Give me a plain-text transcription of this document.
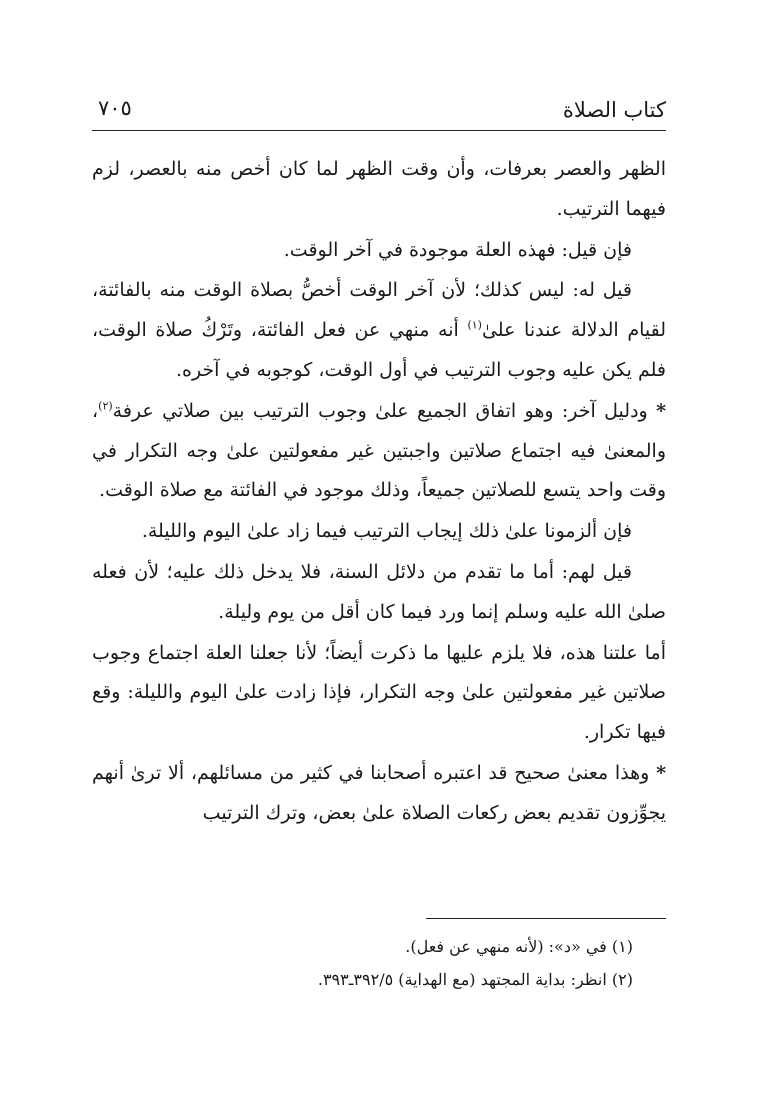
كتاب الصلاة
٧٠٥

الظهر والعصر بعرفات، وأن وقت الظهر لما كان أخص منه بالعصر، لزم فيهما الترتيب.

فإن قيل: فهذه العلة موجودة في آخر الوقت.

قيل له: ليس كذلك؛ لأن آخر الوقت أخصُّ بصلاة الوقت منه بالفائتة، لقيام الدلالة عندنا علىٰ$^{(١)}$ أنه منهي عن فعل الفائتة، وتَرْكُ صلاة الوقت، فلم يكن عليه وجوب الترتيب في أول الوقت، كوجوبه في آخره.

* ودليل آخر: وهو اتفاق الجميع علىٰ وجوب الترتيب بين صلاتي عرفة$^{(٢)}$، والمعنىٰ فيه اجتماع صلاتين واجبتين غير مفعولتين علىٰ وجه التكرار في وقت واحد يتسع للصلاتين جميعاً، وذلك موجود في الفائتة مع صلاة الوقت.

فإن ألزمونا علىٰ ذلك إيجاب الترتيب فيما زاد علىٰ اليوم والليلة.

قيل لهم: أما ما تقدم من دلائل السنة، فلا يدخل ذلك عليه؛ لأن فعله صلىٰ الله عليه وسلم إنما ورد فيما كان أقل من يوم وليلة.

أما علتنا هذه، فلا يلزم عليها ما ذكرت أيضاً؛ لأنا جعلنا العلة اجتماع وجوب صلاتين غير مفعولتين علىٰ وجه التكرار، فإذا زادت علىٰ اليوم والليلة: وقع فيها تكرار.

* وهذا معنىٰ صحيح قد اعتبره أصحابنا في كثير من مسائلهم، ألا ترىٰ أنهم يجوِّزون تقديم بعض ركعات الصلاة علىٰ بعض، وترك الترتيب

(١) في «د»: (لأنه منهي عن فعل).

(٢) انظر: بداية المجتهد (مع الهداية) ٣٩٢/٥ـ٣٩٣.
